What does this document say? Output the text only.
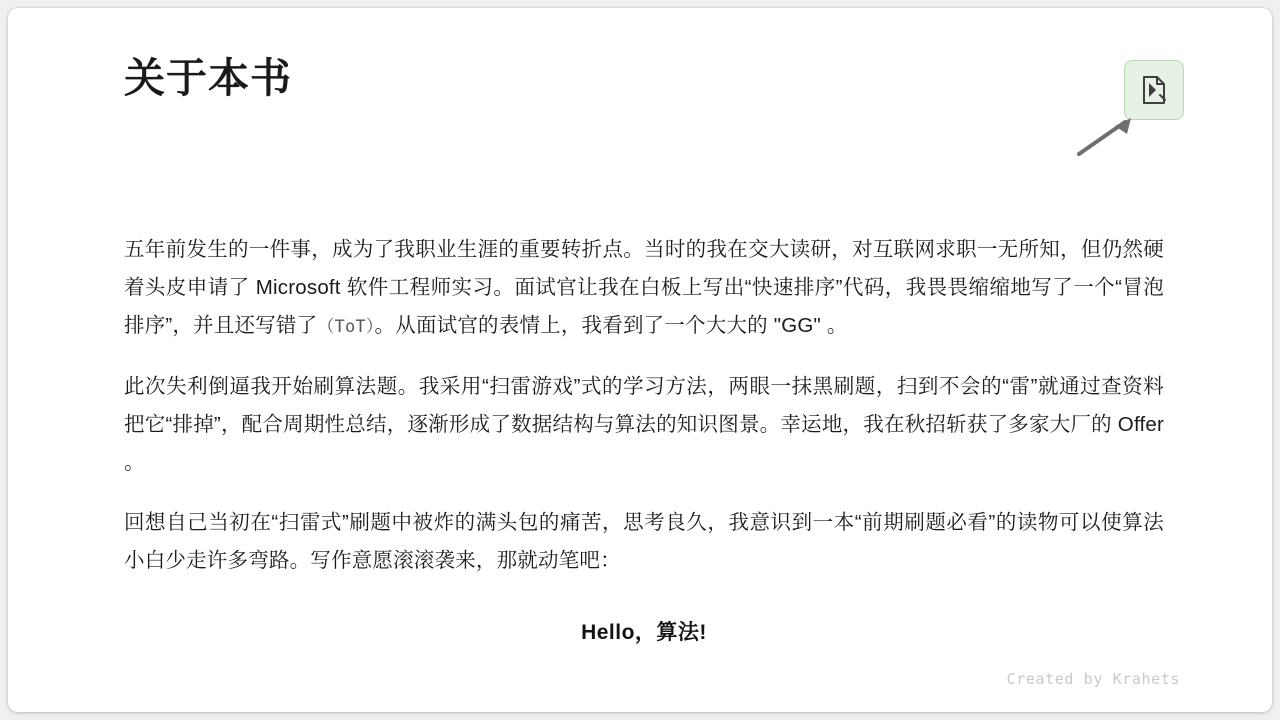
关于本书

五年前发生的一件事，成为了我职业生涯的重要转折点。当时的我在交大读研，对互联网求职一无所知，但仍然硬着头皮申请了 Microsoft 软件工程师实习。面试官让我在白板上写出“快速排序”代码，我畏畏缩缩地写了一个“冒泡排序”，并且还写错了（ToT）。从面试官的表情上，我看到了一个大大的 "GG" 。

此次失利倒逼我开始刷算法题。我采用“扫雷游戏”式的学习方法，两眼一抹黑刷题，扫到不会的“雷”就通过查资料把它“排掉”，配合周期性总结，逐渐形成了数据结构与算法的知识图景。幸运地，我在秋招斩获了多家大厂的 Offer 。

回想自己当初在“扫雷式”刷题中被炸的满头包的痛苦，思考良久，我意识到一本“前期刷题必看”的读物可以使算法小白少走许多弯路。写作意愿滚滚袭来，那就动笔吧：

Hello，算法!

Created by Krahets
